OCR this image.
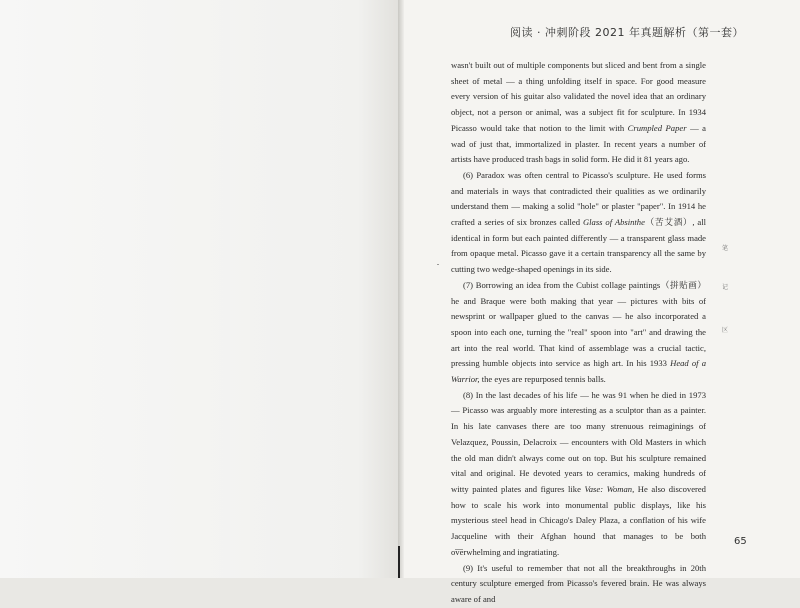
阅读 · 冲刺阶段 2021 年真题解析（第一套）

wasn't built out of multiple components but sliced and bent from a single sheet of metal — a thing unfolding itself in space. For good measure every version of his guitar also validated the novel idea that an ordinary object, not a person or animal, was a subject fit for sculpture. In 1934 Picasso would take that notion to the limit with Crumpled Paper — a wad of just that, immortalized in plaster. In recent years a number of artists have produced trash bags in solid form. He did it 81 years ago.

(6) Paradox was often central to Picasso's sculpture. He used forms and materials in ways that contradicted their qualities as we ordinarily understand them — making a solid "hole" or plaster "paper". In 1914 he crafted a series of six bronzes called Glass of Absinthe（苦艾酒）, all identical in form but each painted differently — a transparent glass made from opaque metal. Picasso gave it a certain transparency all the same by cutting two wedge-shaped openings in its side.

(7) Borrowing an idea from the Cubist collage paintings（拼贴画）he and Braque were both making that year — pictures with bits of newsprint or wallpaper glued to the canvas — he also incorporated a spoon into each one, turning the "real" spoon into "art" and drawing the art into the real world. That kind of assemblage was a crucial tactic, pressing humble objects into service as high art. In his 1933 Head of a Warrior, the eyes are repurposed tennis balls.

(8) In the last decades of his life — he was 91 when he died in 1973 — Picasso was arguably more interesting as a sculptor than as a painter. In his late canvases there are too many strenuous reimaginings of Velazquez, Poussin, Delacroix — encounters with Old Masters in which the old man didn't always come out on top. But his sculpture remained vital and original. He devoted years to ceramics, making hundreds of witty painted plates and figures like Vase: Woman, He also discovered how to scale his work into monumental public displays, like his mysterious steel head in Chicago's Daley Plaza, a conflation of his wife Jacqueline with their Afghan hound that manages to be both overwhelming and ingratiating.

(9) It's useful to remember that not all the breakthroughs in 20th century sculpture emerged from Picasso's fevered brain. He was always aware of and

笔
记
区
65
